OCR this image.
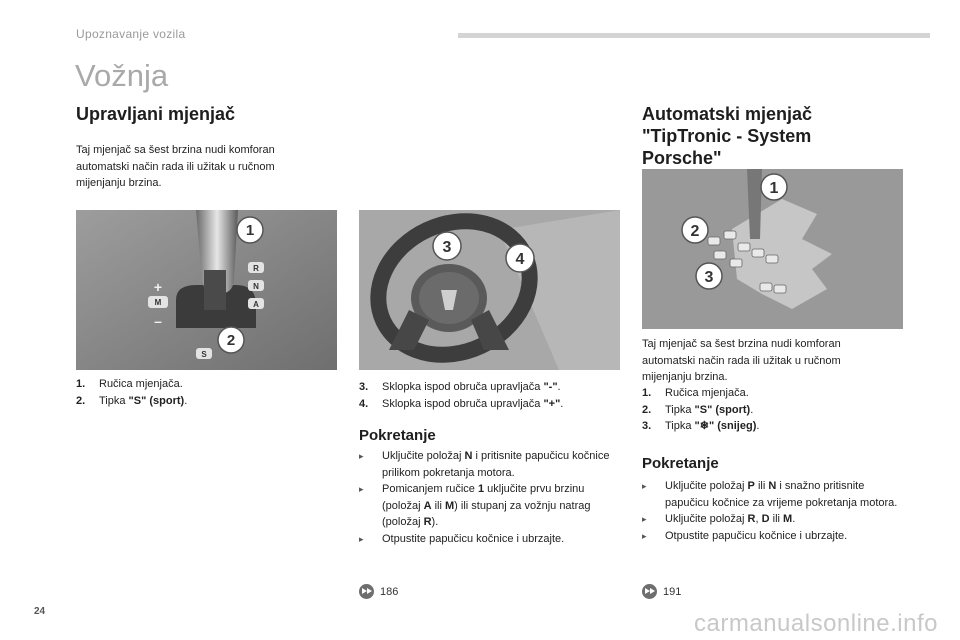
Upoznavanje vozila
Vožnja
Upravljani mjenjač
Taj mjenjač sa šest brzina nudi komforan automatski način rada ili užitak u ručnom mijenjanju brzina.
1
2
R
N
A
M
S
+
–
1. Ručica mjenjača.
2. Tipka "S" (sport).
3
4
3. Sklopka ispod obruča upravljača "-".
4. Sklopka ispod obruča upravljača "+".
Pokretanje
▸ Uključite položaj N i pritisnite papučicu kočnice prilikom pokretanja motora.
▸ Pomicanjem ručice 1 uključite prvu brzinu (položaj A ili M) ili stupanj za vožnju natrag (položaj R).
▸ Otpustite papučicu kočnice i ubrzajte.
186
Automatski mjenjač
"TipTronic - System
Porsche"
1
2
3
Taj mjenjač sa šest brzina nudi komforan automatski način rada ili užitak u ručnom mijenjanju brzina.
1. Ručica mjenjača.
2. Tipka "S" (sport).
3. Tipka "❄" (snijeg).
Pokretanje
▸ Uključite položaj P ili N i snažno pritisnite papučicu kočnice za vrijeme pokretanja motora.
▸ Uključite položaj R, D ili M.
▸ Otpustite papučicu kočnice i ubrzajte.
191
24	carmanualsonline.info
